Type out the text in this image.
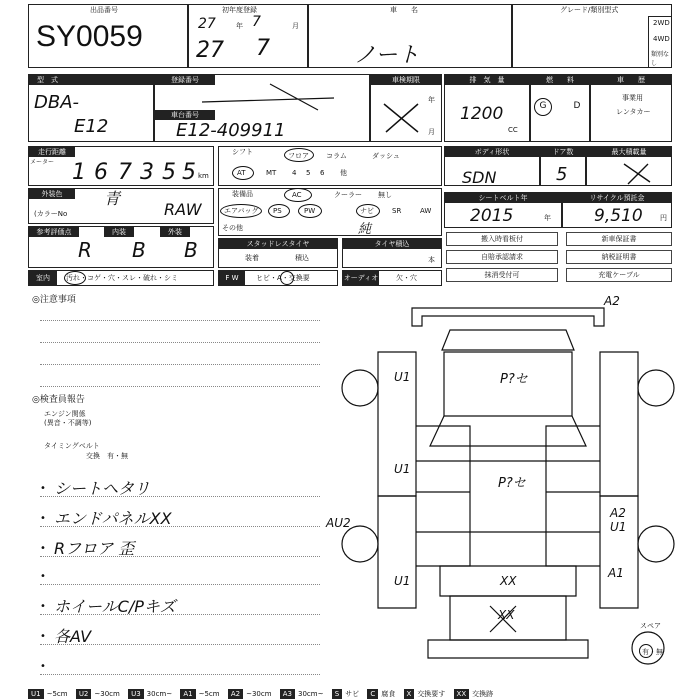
出品番号
SY0059
初年度登録
27	年 7	月
27 7
車　　名
ノート
グレード/類別型式
2WD
4WD
類別なし
型　式
DBA-
E12
登録番号
車台番号
E12-409911
車検期限
年
月
排　気　量
1200
CC
燃　　料
G	D
車　　歴
事業用
レンタカー
走行距離
メーター 1 6 7 3 5 5 km
シフト	フロア コラム	ダッシュ
AT	MT 4 5 6 他
ボディ形状
SDN
ドア数
5
最大積載量
外装色	青
(カラーNo	RAW
装備品	AC	クーラー 無し
エアバッグ PS	PW	ナビ	SR	AW
その他	純
シートベルト年
2015	年
リサイクル預託金
9,510 円
参考評価点
R
内装
B
外装
B	スタッドレスタイヤ
装着	積込
タイヤ積込
本
搬入時看板付	新車保証書
自賠承認請求	納税証明書
抹消受付可	充電ケーブル
室内	汚れ・コゲ・穴・スレ・破れ・シミ	F W	ヒビ・A・交換要	オーディオ	欠・穴
◎注意事項
◎検査員報告
エンジン関係
(異音・不調等)
タイミングベルト
交換　有・無
• シートヘタリ
• エンドパネルXX
• Rフロア 歪
•
• ホイールC/Pキズ
• 各AV
•
A2
U1	P?セ
U1
P?セ
A2 U1
AU2
U1
A1
XX
XX
スペア
有・無
U1 ~5cm U2 ~30cm U3 30cm~ A1 ~5cm A2 ~30cm A3 30cm~ S サビ C 腐食 X 交換要す XX 交換跡
